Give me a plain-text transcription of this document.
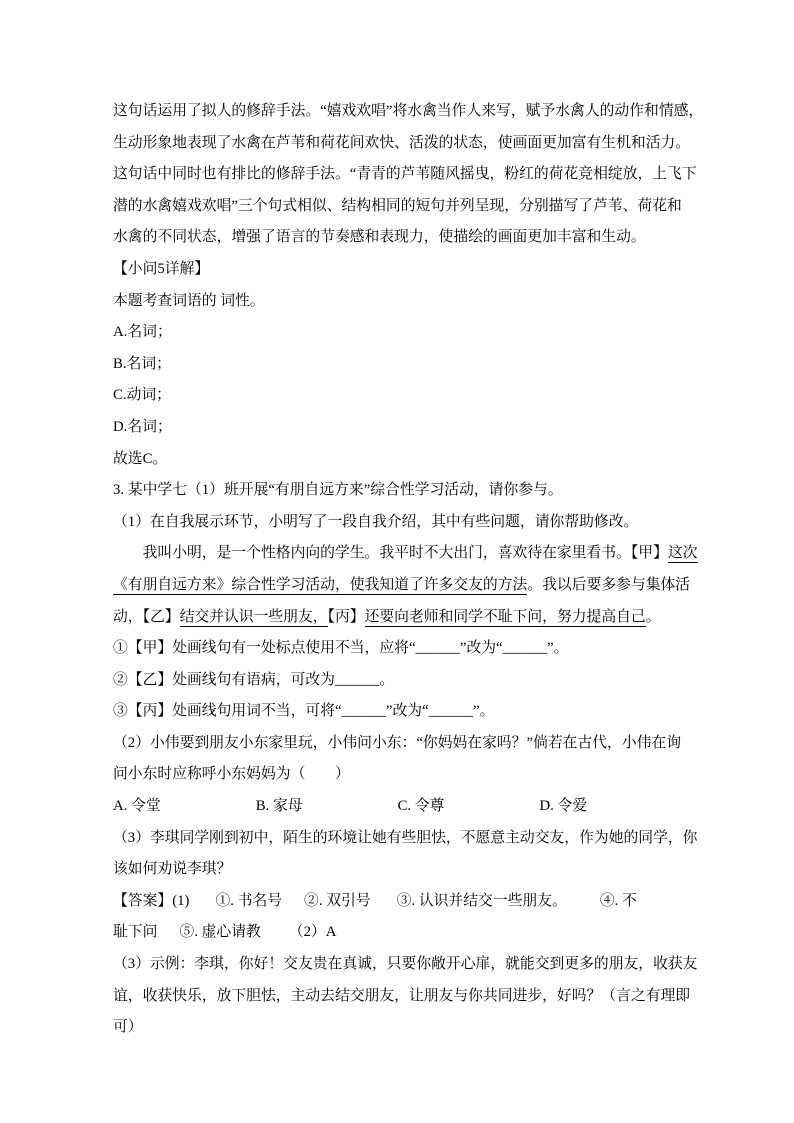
这句话运用了拟人的修辞手法。“嬉戏欢唱”将水禽当作人来写，赋予水禽人的动作和情感，
生动形象地表现了水禽在芦苇和荷花间欢快、活泼的状态，使画面更加富有生机和活力。
这句话中同时也有排比的修辞手法。“青青的芦苇随风摇曳，粉红的荷花竞相绽放，上飞下
潜的水禽嬉戏欢唱”三个句式相似、结构相同的短句并列呈现，分别描写了芦苇、荷花和
水禽的不同状态，增强了语言的节奏感和表现力，使描绘的画面更加丰富和生动。
【小问5详解】
本题考查词语的 词性。
A.名词；
B.名词；
C.动词；
D.名词；
故选C。
3. 某中学七（1）班开展“有朋自远方来”综合性学习活动，请你参与。
（1）在自我展示环节，小明写了一段自我介绍，其中有些问题，请你帮助修改。
　　我叫小明，是一个性格内向的学生。我平时不大出门，喜欢待在家里看书。【甲】这次
《有朋自远方来》综合性学习活动，使我知道了许多交友的方法。我以后要多参与集体活
动，【乙】结交并认识一些朋友，【丙】还要向老师和同学不耻下问，努力提高自己。
①【甲】处画线句有一处标点使用不当，应将“______”改为“______”。
②【乙】处画线句有语病，可改为______。
③【丙】处画线句用词不当，可将“______”改为“______”。
（2）小伟要到朋友小东家里玩，小伟问小东：“你妈妈在家吗？”倘若在古代，小伟在询
问小东时应称呼小东妈妈为（　　）
A. 令堂	B. 家母	C. 令尊	D. 令爱
（3）李琪同学刚到初中，陌生的环境让她有些胆怯，不愿意主动交友，作为她的同学，你
该如何劝说李琪？
【答案】(1) ①. 书名号 ②. 双引号 ③. 认识并结交一些朋友。 ④. 不
耻下问 ⑤. 虚心请教 （2）A
（3）示例：李琪，你好！交友贵在真诚，只要你敞开心扉，就能交到更多的朋友，收获友
谊，收获快乐，放下胆怯，主动去结交朋友，让朋友与你共同进步，好吗？（言之有理即
可）
